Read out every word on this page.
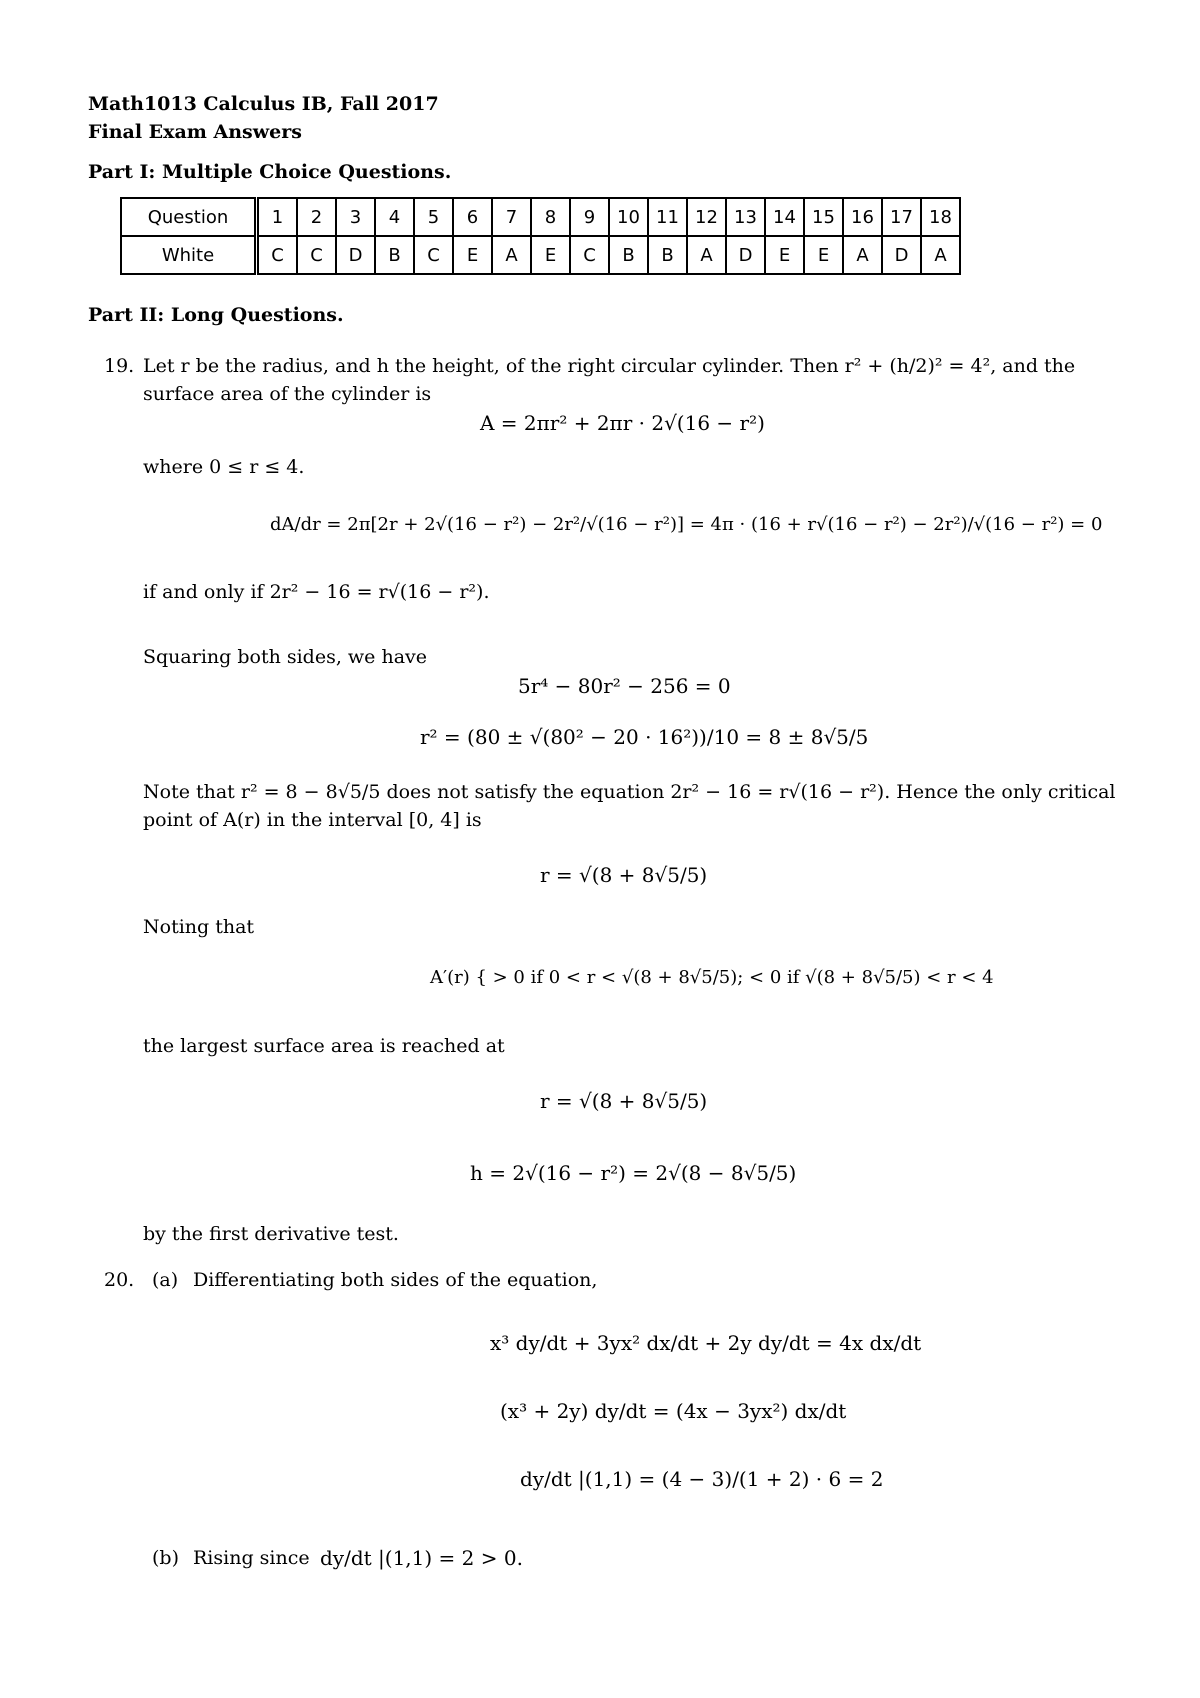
Math1013 Calculus IB, Fall 2017
Final Exam Answers
Part I: Multiple Choice Questions.
Question	1	2	3	4	5	6	7	8	9	10	11	12	13	14	15	16	17	18
White	C	C	D	B	C	E	A	E	C	B	B	A	D	E	E	A	D	A
Part II: Long Questions.
19. Let r be the radius, and h the height, of the right circular cylinder. Then r² + (h/2)² = 4², and the
surface area of the cylinder is
A = 2πr² + 2πr · 2√(16 − r²)
where 0 ≤ r ≤ 4.
dA/dr = 2π[2r + 2√(16 − r²) − 2r²/√(16 − r²)] = 4π · (16 + r√(16 − r²) − 2r²)/√(16 − r²) = 0
if and only if 2r² − 16 = r√(16 − r²).
Squaring both sides, we have
5r⁴ − 80r² − 256 = 0
r² = (80 ± √(80² − 20 · 16²))/10 = 8 ± 8√5/5
Note that r² = 8 − 8√5/5 does not satisfy the equation 2r² − 16 = r√(16 − r²). Hence the only critical
point of A(r) in the interval [0, 4] is
r = √(8 + 8√5/5)
Noting that
A′(r) { > 0 if 0 < r < √(8 + 8√5/5); < 0 if √(8 + 8√5/5) < r < 4
the largest surface area is reached at
r = √(8 + 8√5/5)
h = 2√(16 − r²) = 2√(8 − 8√5/5)
by the first derivative test.
20. (a) Differentiating both sides of the equation,
x³ dy/dt + 3yx² dx/dt + 2y dy/dt = 4x dx/dt
(x³ + 2y) dy/dt = (4x − 3yx²) dx/dt
dy/dt |(1,1) = (4 − 3)/(1 + 2) · 6 = 2
(b) Rising since dy/dt |(1,1) = 2 > 0.
